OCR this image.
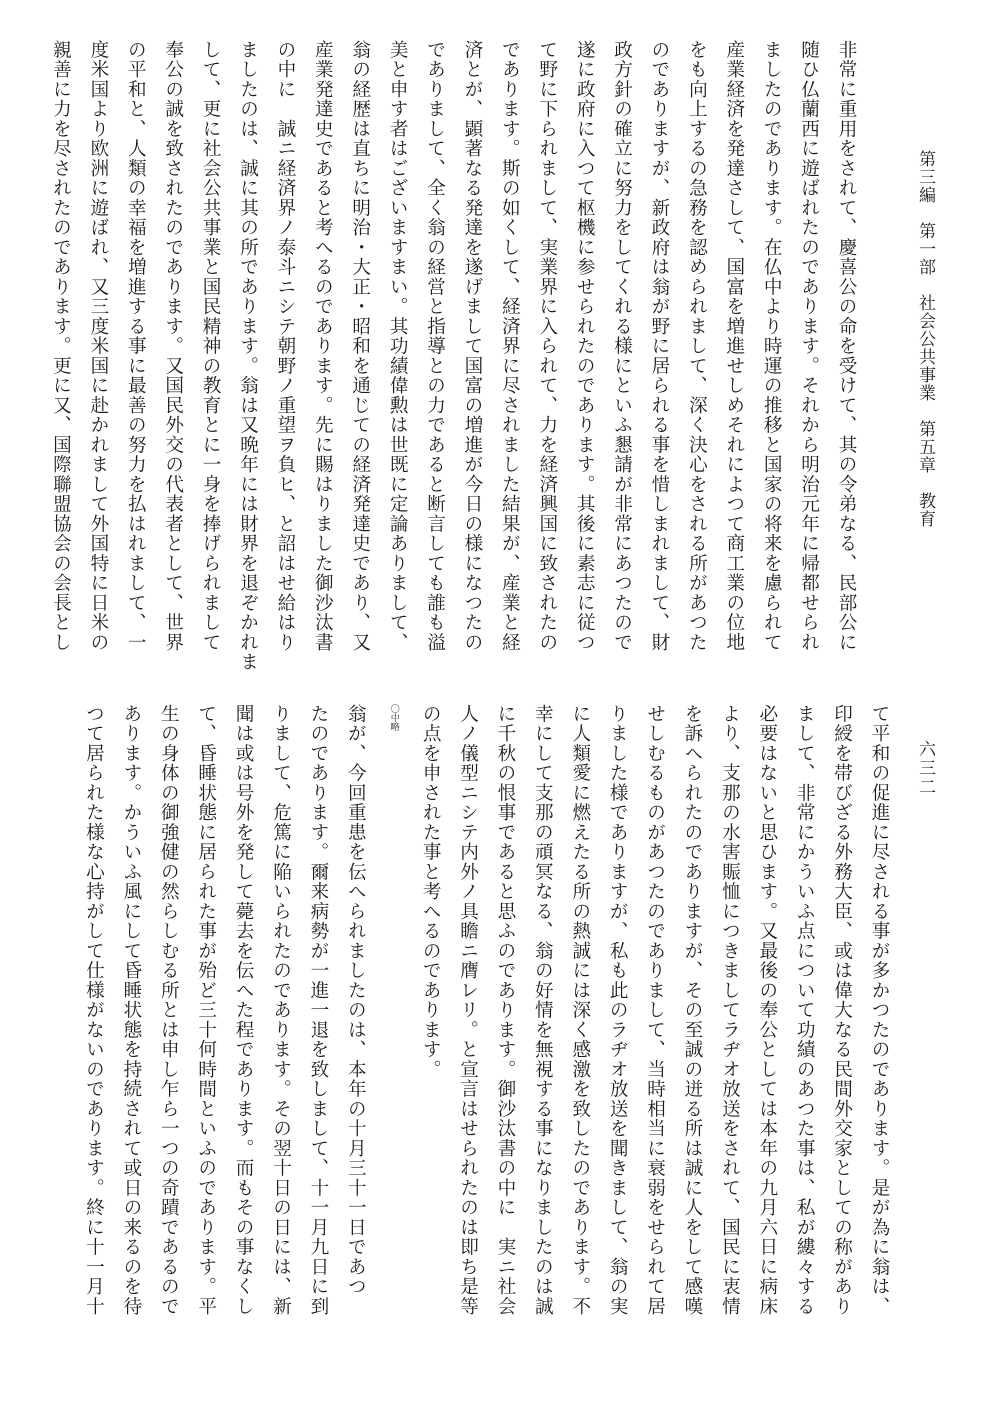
第三編　第一部　社会公共事業　第五章　教育
六三二
非常に重用をされて、慶喜公の命を受けて、其の令弟なる、民部公に
随ひ仏蘭西に遊ばれたのであります。それから明治元年に帰都せられ
ましたのであります。在仏中より時運の推移と国家の将来を慮られて
産業経済を発達さして、国富を増進せしめそれによつて商工業の位地
をも向上するの急務を認められまして、深く決心をされる所があつた
のでありますが、新政府は翁が野に居られる事を惜しまれまして、財
政方針の確立に努力をしてくれる様にといふ懇請が非常にあつたので
遂に政府に入つて枢機に参せられたのであります。其後に素志に従つ
て野に下られまして、実業界に入られて、力を経済興国に致されたの
であります。斯の如くして、経済界に尽されました結果が、産業と経
済とが、顕著なる発達を遂げまして国富の増進が今日の様になつたの
でありまして、全く翁の経営と指導との力であると断言しても誰も溢
美と申す者はございますまい。其功績偉勲は世既に定論ありまして、
翁の経歴は直ちに明治・大正・昭和を通じての経済発達史であり、又
産業発達史であると考へるのであります。先に賜はりました御沙汰書
の中に　誠ニ経済界ノ泰斗ニシテ朝野ノ重望ヲ負ヒ、と詔はせ給はり
ましたのは、誠に其の所であります。翁は又晩年には財界を退ぞかれま
して、更に社会公共事業と国民精神の教育とに一身を捧げられまして
奉公の誠を致されたのであります。又国民外交の代表者として、世界
の平和と、人類の幸福を増進する事に最善の努力を払はれまして、一
度米国より欧洲に遊ばれ、又三度米国に赴かれまして外国特に日米の
親善に力を尽されたのであります。更に又、国際聯盟協会の会長とし
て平和の促進に尽される事が多かつたのであります。是が為に翁は、
印綬を帯びざる外務大臣、或は偉大なる民間外交家としての称があり
まして、非常にかういふ点について功績のあつた事は、私が縷々する
必要はないと思ひます。又最後の奉公としては本年の九月六日に病床
より、支那の水害賑恤につきましてラヂオ放送をされて、国民に衷情
を訴へられたのでありますが、その至誠の迸る所は誠に人をして感嘆
せしむるものがあつたのでありまして、当時相当に衰弱をせられて居
りました様でありますが、私も此のラヂオ放送を聞きまして、翁の実
に人類愛に燃えたる所の熱誠には深く感激を致したのであります。不
幸にして支那の頑冥なる、翁の好情を無視する事になりましたのは誠
に千秋の恨事であると思ふのであります。御沙汰書の中に　実ニ社会
人ノ儀型ニシテ内外ノ具瞻ニ膺レリ。と宣言はせられたのは即ち是等
の点を申された事と考へるのであります。
$^{〇中略}$
翁が、今回重患を伝へられましたのは、本年の十月三十一日であつ
たのであります。爾来病勢が一進一退を致しまして、十一月九日に到
りまして、危篤に陥いられたのであります。その翌十日の日には、新
聞は或は号外を発して薨去を伝へた程であります。而もその事なくし
て、昏睡状態に居られた事が殆ど三十何時間といふのであります。平
生の身体の御強健の然らしむる所とは申し乍ら一つの奇蹟であるので
あります。かういふ風にして昏睡状態を持続されて或日の来るのを待
つて居られた様な心持がして仕様がないのであります。終に十一月十
